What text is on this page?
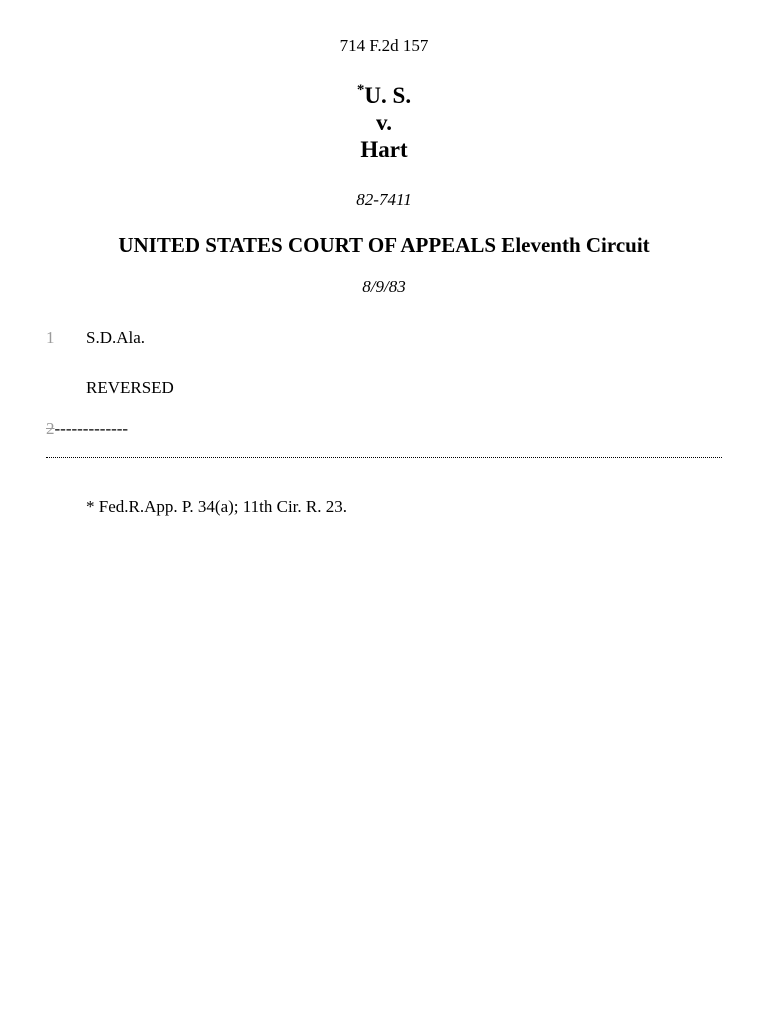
714 F.2d 157
*U. S.
v.
Hart
82-7411
UNITED STATES COURT OF APPEALS Eleventh Circuit
8/9/83
1 S.D.Ala.
REVERSED
2-------------
* Fed.R.App. P. 34(a); 11th Cir. R. 23.
